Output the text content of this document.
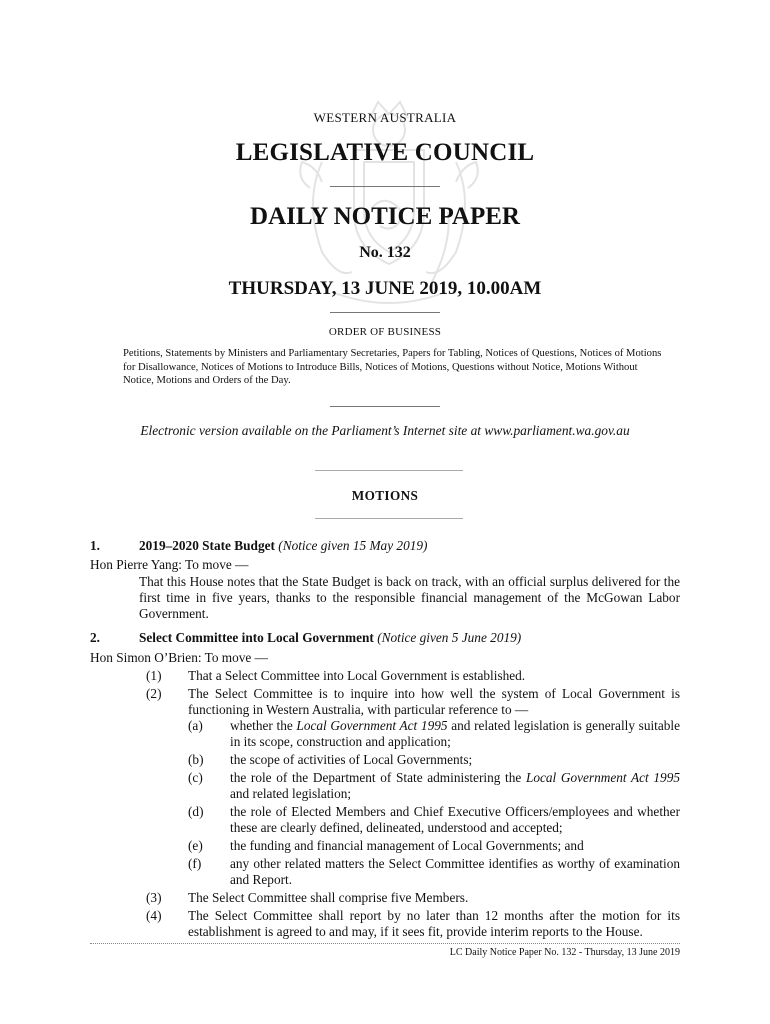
WESTERN AUSTRALIA
LEGISLATIVE COUNCIL
DAILY NOTICE PAPER
No. 132
THURSDAY, 13 JUNE 2019, 10.00AM
ORDER OF BUSINESS
Petitions, Statements by Ministers and Parliamentary Secretaries, Papers for Tabling, Notices of Questions, Notices of Motions for Disallowance, Notices of Motions to Introduce Bills, Notices of Motions, Questions without Notice, Motions Without Notice, Motions and Orders of the Day.
Electronic version available on the Parliament’s Internet site at www.parliament.wa.gov.au
MOTIONS
1.	2019–2020 State Budget (Notice given 15 May 2019)
Hon Pierre Yang: To move —
That this House notes that the State Budget is back on track, with an official surplus delivered for the first time in five years, thanks to the responsible financial management of the McGowan Labor Government.
2.	Select Committee into Local Government (Notice given 5 June 2019)
Hon Simon O’Brien: To move —
(1) That a Select Committee into Local Government is established.
(2) The Select Committee is to inquire into how well the system of Local Government is functioning in Western Australia, with particular reference to —
(a) whether the Local Government Act 1995 and related legislation is generally suitable in its scope, construction and application;
(b) the scope of activities of Local Governments;
(c) the role of the Department of State administering the Local Government Act 1995 and related legislation;
(d) the role of Elected Members and Chief Executive Officers/employees and whether these are clearly defined, delineated, understood and accepted;
(e) the funding and financial management of Local Governments; and
(f) any other related matters the Select Committee identifies as worthy of examination and Report.
(3) The Select Committee shall comprise five Members.
(4) The Select Committee shall report by no later than 12 months after the motion for its establishment is agreed to and may, if it sees fit, provide interim reports to the House.
LC Daily Notice Paper No. 132 - Thursday, 13 June 2019
